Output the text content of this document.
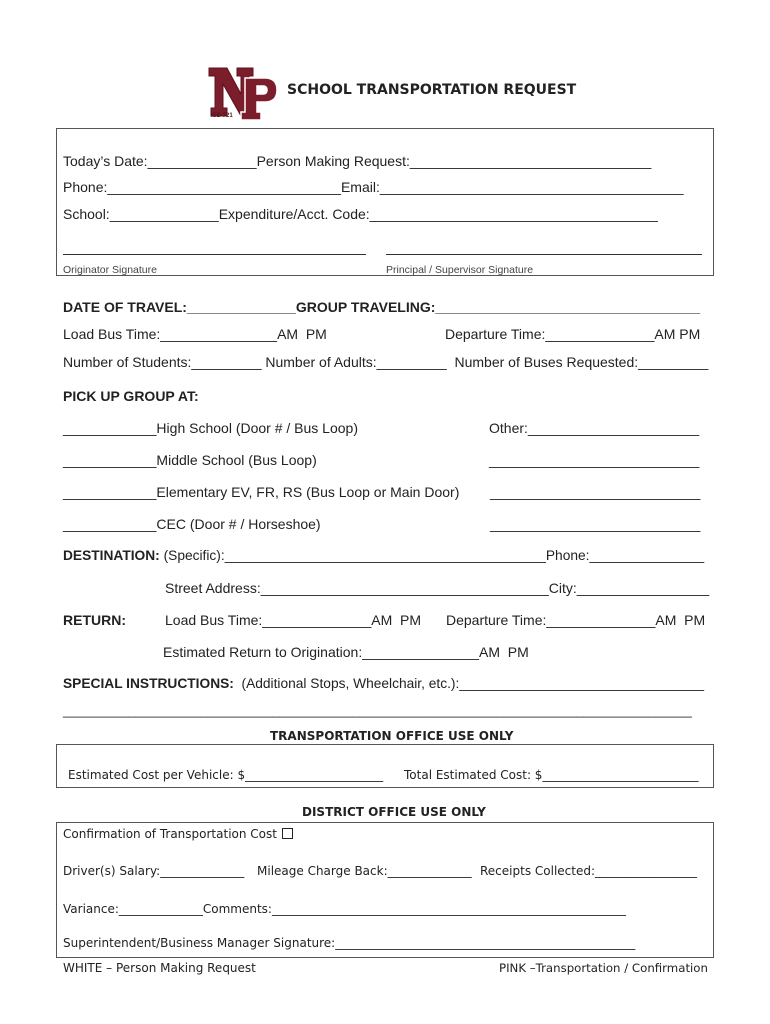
ISD 721
SCHOOL TRANSPORTATION REQUEST
Today’s Date:______________Person Making Request:_______________________________
Phone:______________________________Email:_______________________________________
School:______________Expenditure/Acct. Code:_____________________________________
Originator Signature	Principal / Supervisor Signature
DATE OF TRAVEL:______________GROUP TRAVELING:__________________________________
Load Bus Time:_______________AM  PM	Departure Time:______________AM PM
Number of Students:_________ Number of Adults:_________  Number of Buses Requested:_________
PICK UP GROUP AT:
____________High School (Door # / Bus Loop)	Other:______________________
____________Middle School (Bus Loop)	___________________________
____________Elementary EV, FR, RS (Bus Loop or Main Door) ___________________________
____________CEC (Door # / Horseshoe)	___________________________
DESTINATION: (Specific):__________________________________________Phone:_______________
Street Address:_____________________________________City:_________________
RETURN:	Load Bus Time:______________AM  PM Departure Time:______________AM  PM
Estimated Return to Origination:_______________AM  PM
SPECIAL INSTRUCTIONS:  (Additional Stops, Wheelchair, etc.):________________________________
_______________________________________________________________________________________
TRANSPORTATION OFFICE USE ONLY
Estimated Cost per Vehicle: $_______________________ Total Estimated Cost: $__________________________
DISTRICT OFFICE USE ONLY
Confirmation of Transportation Cost
Driver(s) Salary:______________ Mileage Charge Back:______________ Receipts Collected:_________________
Variance:______________Comments:___________________________________________________________
Superintendent/Business Manager Signature:__________________________________________________
WHITE – Person Making Request	PINK –Transportation / Confirmation
